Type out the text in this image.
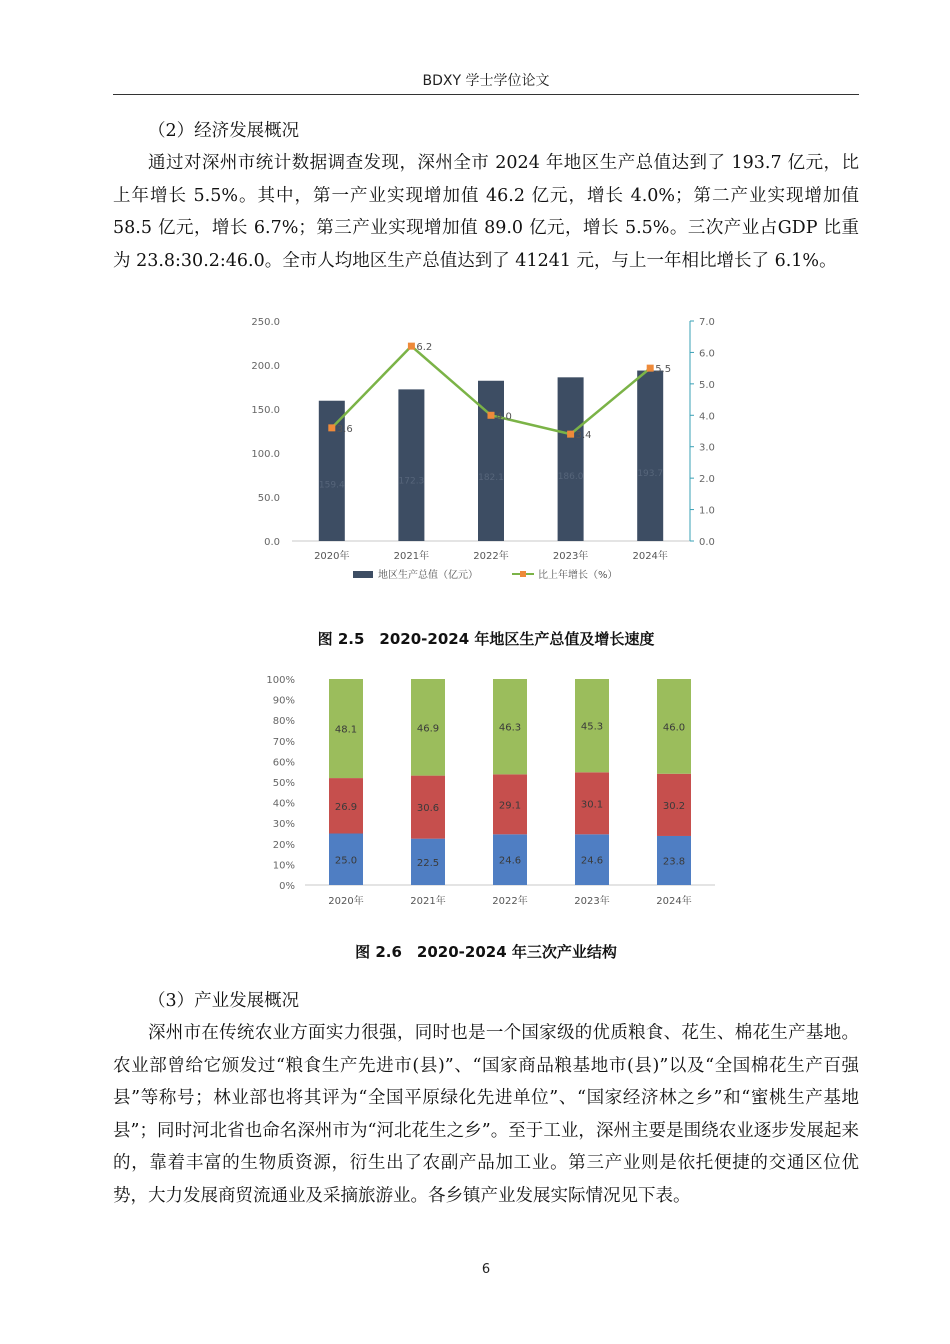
BDXY 学士学位论文
（2）经济发展概况

通过对深州市统计数据调查发现，深州全市 2024 年地区生产总值达到了 193.7 亿元，比上年增长 5.5%。其中，第一产业实现增加值 46.2 亿元，增长 4.0%；第二产业实现增加值 58.5 亿元，增长 6.7%；第三产业实现增加值 89.0 亿元，增长 5.5%。三次产业占GDP 比重为 23.8:30.2:46.0。全市人均地区生产总值达到了 41241 元，与上一年相比增长了 6.1%。

0.0
50.0
100.0
150.0
200.0
250.0
0.0
1.0
2.0
3.0
4.0
5.0
6.0
7.0
159.4
2020年
172.3
2021年
182.1
2022年
186.0
2023年
193.7
2024年
3.6
6.2
4.0
3.4
5.5
地区生产总值（亿元）	比上年增长（%）
图 2.5　2020-2024 年地区生产总值及增长速度
0%
10%
20%
30%
40%
50%
60%
70%
80%
90%
100%
25.0
26.9
48.1
2020年
22.5
30.6
46.9
2021年
24.6
29.1
46.3
2022年
24.6
30.1
45.3
2023年
23.8
30.2
46.0
2024年
图 2.6　2020-2024 年三次产业结构
（3）产业发展概况

深州市在传统农业方面实力很强，同时也是一个国家级的优质粮食、花生、棉花生产基地。农业部曾给它颁发过“粮食生产先进市(县)”、“国家商品粮基地市(县)”以及“全国棉花生产百强县”等称号；林业部也将其评为“全国平原绿化先进单位”、“国家经济林之乡”和“蜜桃生产基地县”；同时河北省也命名深州市为“河北花生之乡”。至于工业，深州主要是围绕农业逐步发展起来的，靠着丰富的生物质资源，衍生出了农副产品加工业。第三产业则是依托便捷的交通区位优势，大力发展商贸流通业及采摘旅游业。各乡镇产业发展实际情况见下表。

6
